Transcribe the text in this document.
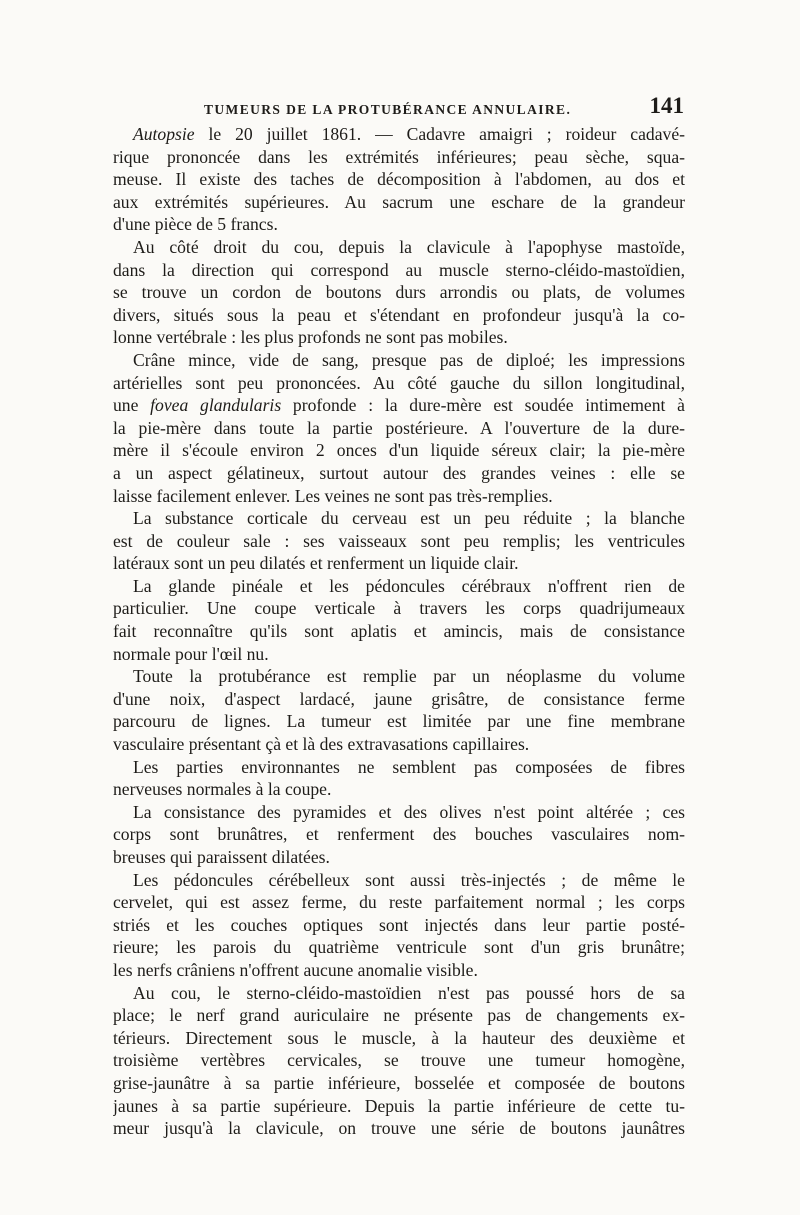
TUMEURS DE LA PROTUBÉRANCE ANNULAIRE.	141
Autopsie le 20 juillet 1861. — Cadavre amaigri ; roideur cadavé-
rique prononcée dans les extrémités inférieures; peau sèche, squa-
meuse. Il existe des taches de décomposition à l'abdomen, au dos et
aux extrémités supérieures. Au sacrum une eschare de la grandeur
d'une pièce de 5 francs.
Au côté droit du cou, depuis la clavicule à l'apophyse mastoïde,
dans la direction qui correspond au muscle sterno-cléido-mastoïdien,
se trouve un cordon de boutons durs arrondis ou plats, de volumes
divers, situés sous la peau et s'étendant en profondeur jusqu'à la co-
lonne vertébrale : les plus profonds ne sont pas mobiles.
Crâne mince, vide de sang, presque pas de diploé; les impressions
artérielles sont peu prononcées. Au côté gauche du sillon longitudinal,
une fovea glandularis profonde : la dure-mère est soudée intimement à
la pie-mère dans toute la partie postérieure. A l'ouverture de la dure-
mère il s'écoule environ 2 onces d'un liquide séreux clair; la pie-mère
a un aspect gélatineux, surtout autour des grandes veines : elle se
laisse facilement enlever. Les veines ne sont pas très-remplies.
La substance corticale du cerveau est un peu réduite ; la blanche
est de couleur sale : ses vaisseaux sont peu remplis; les ventricules
latéraux sont un peu dilatés et renferment un liquide clair.
La glande pinéale et les pédoncules cérébraux n'offrent rien de
particulier. Une coupe verticale à travers les corps quadrijumeaux
fait reconnaître qu'ils sont aplatis et amincis, mais de consistance
normale pour l'œil nu.
Toute la protubérance est remplie par un néoplasme du volume
d'une noix, d'aspect lardacé, jaune grisâtre, de consistance ferme
parcouru de lignes. La tumeur est limitée par une fine membrane
vasculaire présentant çà et là des extravasations capillaires.
Les parties environnantes ne semblent pas composées de fibres
nerveuses normales à la coupe.
La consistance des pyramides et des olives n'est point altérée ; ces
corps sont brunâtres, et renferment des bouches vasculaires nom-
breuses qui paraissent dilatées.
Les pédoncules cérébelleux sont aussi très-injectés ; de même le
cervelet, qui est assez ferme, du reste parfaitement normal ; les corps
striés et les couches optiques sont injectés dans leur partie posté-
rieure; les parois du quatrième ventricule sont d'un gris brunâtre;
les nerfs crâniens n'offrent aucune anomalie visible.
Au cou, le sterno-cléido-mastoïdien n'est pas poussé hors de sa
place; le nerf grand auriculaire ne présente pas de changements ex-
térieurs. Directement sous le muscle, à la hauteur des deuxième et
troisième vertèbres cervicales, se trouve une tumeur homogène,
grise-jaunâtre à sa partie inférieure, bosselée et composée de boutons
jaunes à sa partie supérieure. Depuis la partie inférieure de cette tu-
meur jusqu'à la clavicule, on trouve une série de boutons jaunâtres
